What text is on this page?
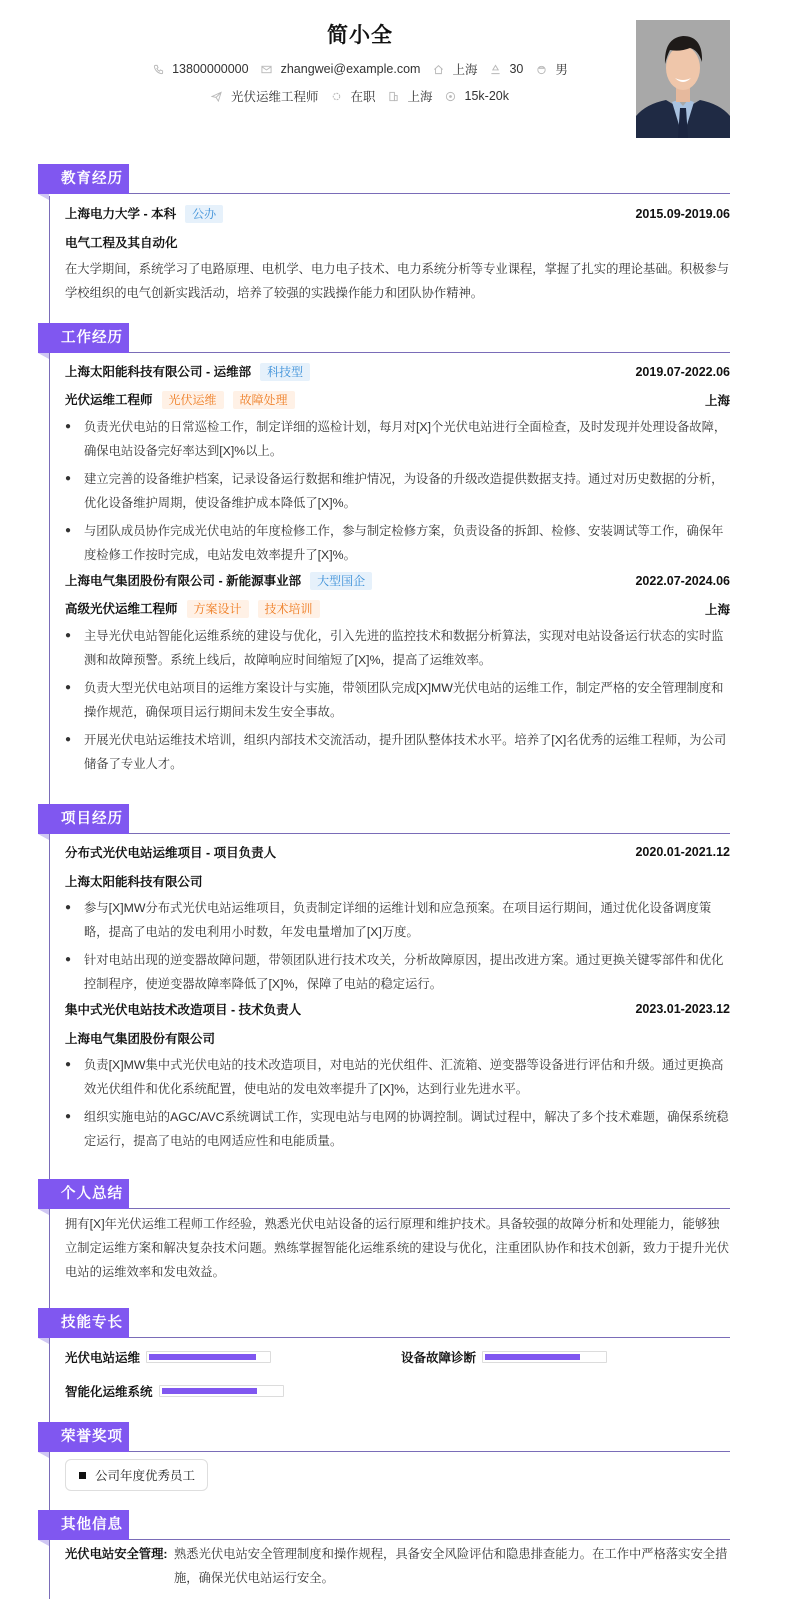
简小全
13800000000	zhangwei@example.com	上海	30	男
光伏运维工程师	在职	上海	15k-20k
教育经历
上海电力大学 - 本科 公办	2015.09-2019.06
电气工程及其自动化
在大学期间，系统学习了电路原理、电机学、电力电子技术、电力系统分析等专业课程，掌握了扎实的理论基础。积极参与学校组织的电气创新实践活动，培养了较强的实践操作能力和团队协作精神。
工作经历
上海太阳能科技有限公司 - 运维部 科技型	2019.07-2022.06
光伏运维工程师 光伏运维 故障处理	上海
●	负责光伏电站的日常巡检工作，制定详细的巡检计划，每月对[X]个光伏电站进行全面检查，及时发现并处理设备故障，确保电站设备完好率达到[X]%以上。
●	建立完善的设备维护档案，记录设备运行数据和维护情况，为设备的升级改造提供数据支持。通过对历史数据的分析，优化设备维护周期，使设备维护成本降低了[X]%。
●	与团队成员协作完成光伏电站的年度检修工作，参与制定检修方案，负责设备的拆卸、检修、安装调试等工作，确保年度检修工作按时完成，电站发电效率提升了[X]%。
上海电气集团股份有限公司 - 新能源事业部 大型国企	2022.07-2024.06
高级光伏运维工程师 方案设计 技术培训	上海
●	主导光伏电站智能化运维系统的建设与优化，引入先进的监控技术和数据分析算法，实现对电站设备运行状态的实时监测和故障预警。系统上线后，故障响应时间缩短了[X]%，提高了运维效率。
●	负责大型光伏电站项目的运维方案设计与实施，带领团队完成[X]MW光伏电站的运维工作，制定严格的安全管理制度和操作规范，确保项目运行期间未发生安全事故。
●	开展光伏电站运维技术培训，组织内部技术交流活动，提升团队整体技术水平。培养了[X]名优秀的运维工程师，为公司储备了专业人才。
项目经历
分布式光伏电站运维项目 - 项目负责人	2020.01-2021.12
上海太阳能科技有限公司
●	参与[X]MW分布式光伏电站运维项目，负责制定详细的运维计划和应急预案。在项目运行期间，通过优化设备调度策略，提高了电站的发电利用小时数，年发电量增加了[X]万度。
●	针对电站出现的逆变器故障问题，带领团队进行技术攻关，分析故障原因，提出改进方案。通过更换关键零部件和优化控制程序，使逆变器故障率降低了[X]%，保障了电站的稳定运行。
集中式光伏电站技术改造项目 - 技术负责人	2023.01-2023.12
上海电气集团股份有限公司
●	负责[X]MW集中式光伏电站的技术改造项目，对电站的光伏组件、汇流箱、逆变器等设备进行评估和升级。通过更换高效光伏组件和优化系统配置，使电站的发电效率提升了[X]%，达到行业先进水平。
●	组织实施电站的AGC/AVC系统调试工作，实现电站与电网的协调控制。调试过程中，解决了多个技术难题，确保系统稳定运行，提高了电站的电网适应性和电能质量。
个人总结
拥有[X]年光伏运维工程师工作经验，熟悉光伏电站设备的运行原理和维护技术。具备较强的故障分析和处理能力，能够独立制定运维方案和解决复杂技术问题。熟练掌握智能化运维系统的建设与优化，注重团队协作和技术创新，致力于提升光伏电站的运维效率和发电效益。
技能专长
光伏电站运维	设备故障诊断
智能化运维系统
荣誉奖项
公司年度优秀员工
其他信息
光伏电站安全管理: 熟悉光伏电站安全管理制度和操作规程，具备安全风险评估和隐患排查能力。在工作中严格落实安全措施，确保光伏电站运行安全。
